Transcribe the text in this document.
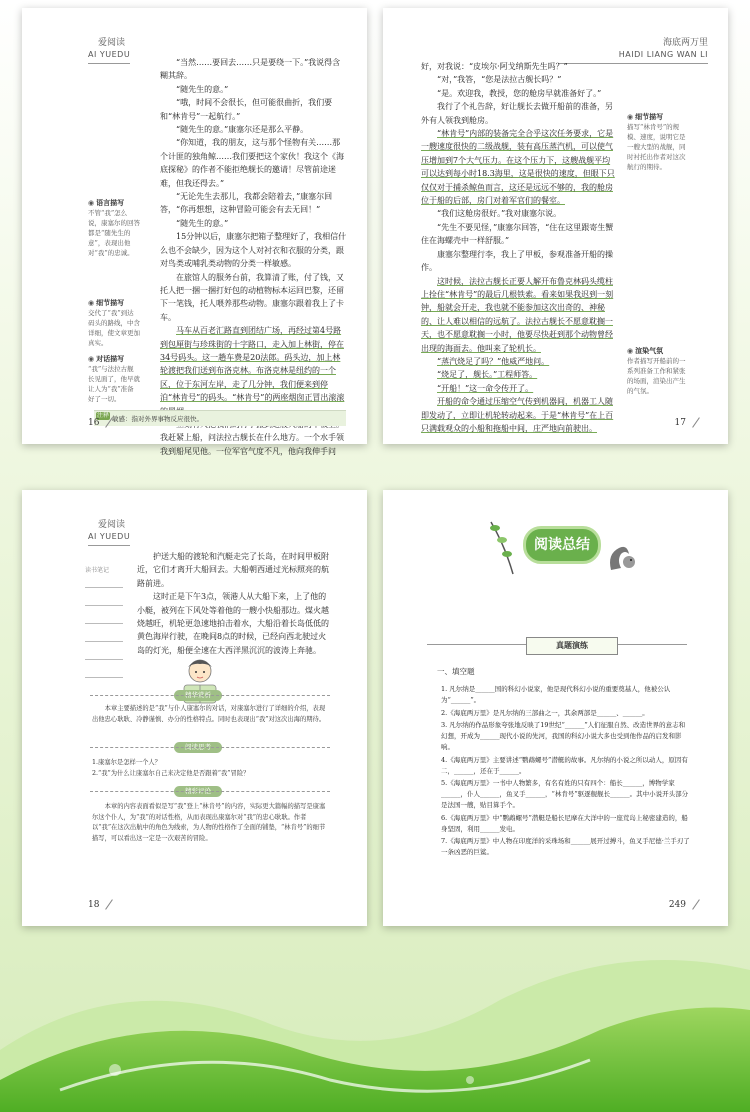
爱阅读
AI YUEDU

“当然……要回去……只是要绕一下。”我说得含糊其辞。

“随先生的意。”

“哦，时间不会很长，但可能很曲折，我们要和“林肯号”一起航行。”

“随先生的意。”康塞尔还是那么平静。

“你知道，我的朋友，这与那个怪物有关……那个计匪的独角鲸……我们要把这个家伙！我这个《海底探秘》的作者不能拒绝舰长的邀请！尽管前途迷难，但我还得去。”

“无论先生去那儿，我都会陪着去，”康塞尔回答，“你再想想，这种冒险可能会有去无回！”

“随先生的意。”

15分钟以后，康塞尔把箱子整理好了，我相信什么也不会缺少，因为这个人对衬衣和衣服的分类，跟对鸟类或哺乳类动物的分类一样敏感。

在旅馆人的服务台前，我算清了账，付了钱，又托人把一捆一捆打好包的动植物标本运回巴黎，还留下一笔钱，托人喂养那些动物。康塞尔跟着我上了卡车。

马车从百老汇路直到团结广场，再经过第4号路到包厘街与珍珠街的十字路口，走入加上林街，停在34号码头。这一趟车费是20法郎。码头边，加上林轮渡把我们送到布洛克林。布洛克林是纽约的一个区，位于东河左岸，走了几分钟，我们便来到停泊“林肯号”的码头。“林肯号”的两座烟囱正冒出滚滚

我赶紧上船，问法拉古舰长在什么地方。一个水手领我到船尾见他。一位军官气度不凡，他向我伸手问

◉ 语言描写
不管“我”怎么说，康塞尔的回答都是“随先生的意”，表现出他对“我”的忠诚。
◉ 细节描写
交代了“我”到达码头的路线，中含详细，使文章更加真实。
◉ 对话描写
“我”与法拉古舰长见面了，他早就让人为“我”准备好了一切。
注释 敏感：指对外界事物反应很快。
16
海底两万里
HAIDI LIANG WAN LI

好，对我说：“皮埃尔·阿戈纳斯先生吗？”

“对，”我答，“您是法拉古舰长吗？”

“是。欢迎我，教授，您的舱房早就准备好了。”

我行了个礼告辞，好让舰长去做开船前的准备，另外有人领我到舱房。

“林肯号”内部的装备完全合乎这次任务要求，它是一艘速度很快的二级战舰，装有高压蒸汽机，可以使气压增加到7个大气压力。在这个压力下，这艘战舰平均可以达到每小时18.3海里，这是很快的速度，但眼下只仅仅对于捕杀鲸鱼而言，这还是远远不够的，我的舱房位于船的后部，房门对着军官们的餐室。

“我们这舱房很好。”我对康塞尔说。

“先生不要见怪，”康塞尔回答，“住在这里跟寄生蟹住在海螺壳中一样舒服。”

康塞尔整理行李，我上了甲板，参观准备开船的操作。

这时候，法拉古舰长正要人解开布鲁克林码头缆柱上拴住“林肯号”的最后几根铁索。看来如果我迟到一刻钟，船就会开走，我也就不能参加这次出奇的、神秘的、让人难以相信的远航了。法拉古舰长不愿意耽搁一天，也不愿意耽搁一小时，他要尽快赶到那个动物曾经出现的海面去。他叫来了轮机长。

“蒸汽烧足了吗？”他威严地问。

“烧足了，舰长。”工程师答。

“开船！”这一命令传开了。

开船的命令通过压缩空气传到机器间，机器工人随即发动了，立即让机轮转动起来。于是“林肯号”在上百只满载观众的小船和拖船中间，庄严地向前驶出。

◉ 细节描写
描写“林肯号”的规模、速度，说明它是一艘大型的战舰，同时衬托出作者对这次航行的期待。
◉ 渲染气氛
作者描写开船前的一系列准备工作和紧张的场面，渲染出产生的气氛。
17
爱阅读
AI YUEDU
读书笔记

护送大船的渡轮和汽艇走完了长岛，在时间甲板附近，它们才离开大船回去。大船朝西通过光标照亮的航路前进。

这时正是下午3点，领港人从大船下来，上了他的小艇，被列在下风处等着他的一艘小快船那边。煤火越烧越旺，机轮更急速地拍击着水，大船沿着长岛低低的黄色海岸行驶，在晚间8点的时候，已经向西北驶过火岛的灯光，船便全速在大西洋黑沉沉的波涛上奔驰。

精华赏析

本章主要描述的是“我”与仆人康塞尔的对话，对康塞尔进行了详细的介绍，表现出他忠心耿耿、冷静谨慎、办分的性格特点。同时也表现出“我”对这次出海的期待。

阅读思考
1.康塞尔是怎样一个人？
2.“我”为什么让康塞尔自己来决定他是否跟着“我”冒险？
精彩评论

本章的内容表面看似是写“我”登上“林肯号”的内容，实际更大篇幅的描写是康塞尔这个仆人，为“我”的对话性格，从而表现出康塞尔对“我”的忠心耿耿。作者以“我”在这次出航中的角色为线索，为人物的性格作了全面的铺垫，“林肯号”的细节描写，可以看出这一定是一次艰苦的冒险。

18
阅读总结
真题演练
一、填空题

1. 凡尔纳是______国的科幻小说家，他是现代科幻小说的重要奠基人，他被公认为“______”。

2.《海底两万里》是凡尔纳的三部曲之一，其余两部是______、______。

3. 凡尔纳的作品形象夸张地反映了19世纪“______”人们征服自然、改造世界的意志和幻想，开成为______现代小说的先河，我国的科幻小说大多也受到他作品的启发和影响。

4.《海底两万里》主要讲述“鹦鹉螺号”潜艇的故事。凡尔纳的小说之所以动人，原因有二，______，还在于______。

5.《海底两万里》一书中人物繁多，有名有姓的只有四个：船长______，博物学家______，仆人______，鱼叉手______，“林肯号”驱逐舰舰长______。其中小说开头部分是法国一艘，贴目算手个。

6.《海底两万里》中“鹦鹉螺号”潜艇是船长尼摩在大洋中的一座荒岛上秘密建造的，船身坚固，利用______发电。

7.《海底两万里》中人物在印度洋的采珠场和______展开过搏斗，鱼叉手尼德·兰手刃了一条凶恶的巨鲨。

249
